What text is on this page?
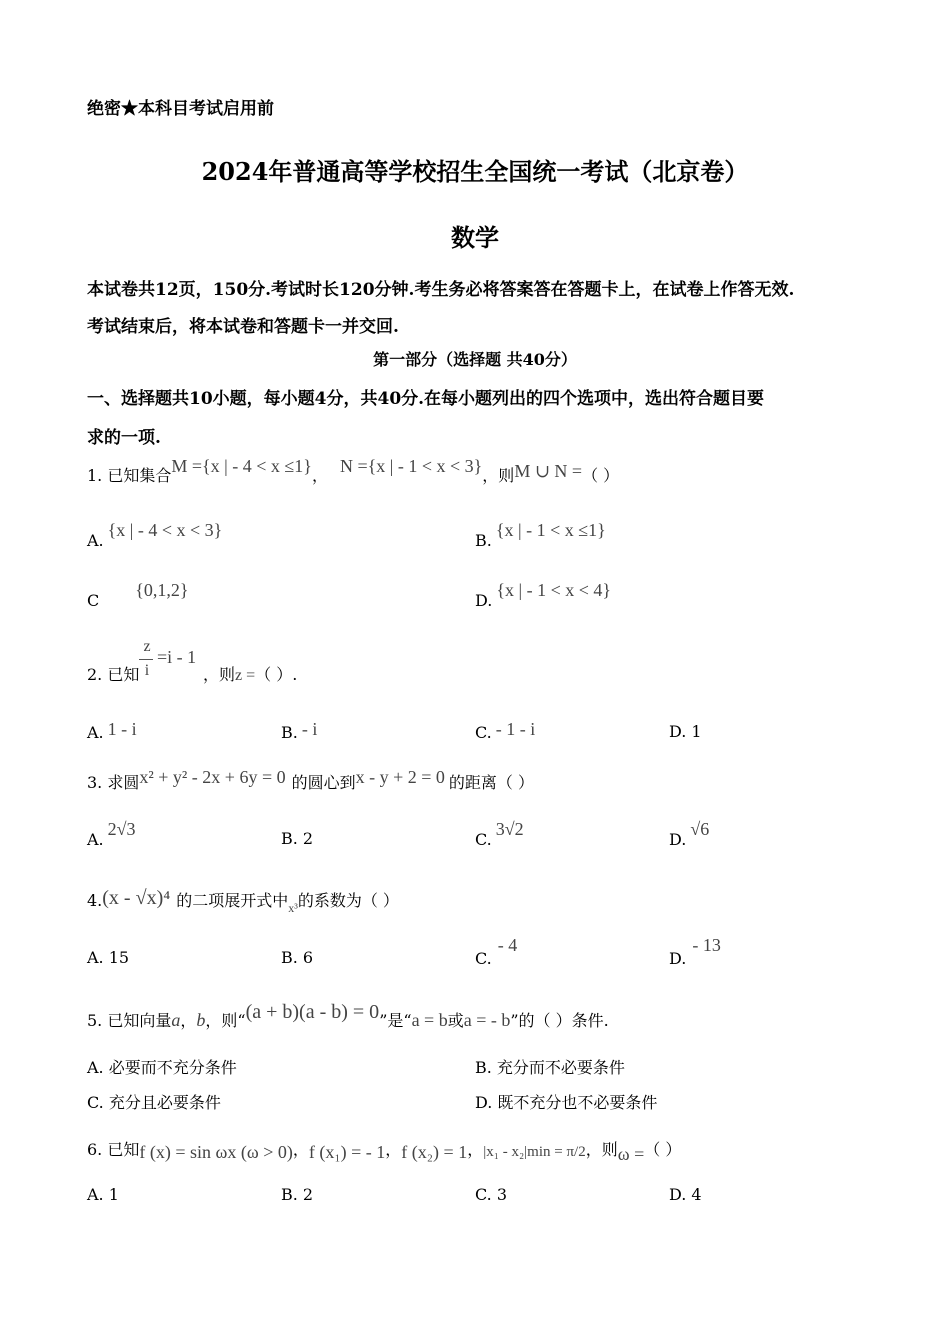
绝密★本科目考试启用前
2024年普通高等学校招生全国统一考试（北京卷）
数学
本试卷共12页，150分.考试时长120分钟.考生务必将答案答在答题卡上，在试卷上作答无效.
考试结束后，将本试卷和答题卡一并交回.
第一部分（选择题 共40分）
一、选择题共10小题，每小题4分，共40分.在每小题列出的四个选项中，选出符合题目要
求的一项.
1. 已知集合M ={x | - 4 < x ≤1}， N ={x | - 1 < x < 3}，则M ∪ N =（ ）
A.{x | - 4 < x < 3}
B.{x | - 1 < x ≤1}
C{0,1,2}
D.{x | - 1 < x < 4}
2. 已知
z
i
=i - 1
，则z =（ ）.
A. 1 - i	B. - i	C. - 1 - i	D. 1
3. 求圆x² + y² - 2x + 6y = 0 的圆心到x - y + 2 = 0 的距离（ ）
A.2√3	B. 2	C.3√2
D.√6
4.(x - √x)⁴ 的二项展开式中$_{x^3}$的系数为（ ）
A. 15	B. 6	C.- 4
D.- 13
5. 已知向量a，b，则“(a + b)(a - b) = 0”是“a = b或a = - b”的（ ）条件.
A. 必要而不充分条件	B. 充分而不必要条件
C. 充分且必要条件	D. 既不充分也不必要条件
6. 已知f (x) = sin ωx (ω > 0)，f (x₁) = - 1，f (x₂) = 1，|x₁ - x₂|min = π/2，则ω =（ ）
A. 1	B. 2	C. 3	D. 4
